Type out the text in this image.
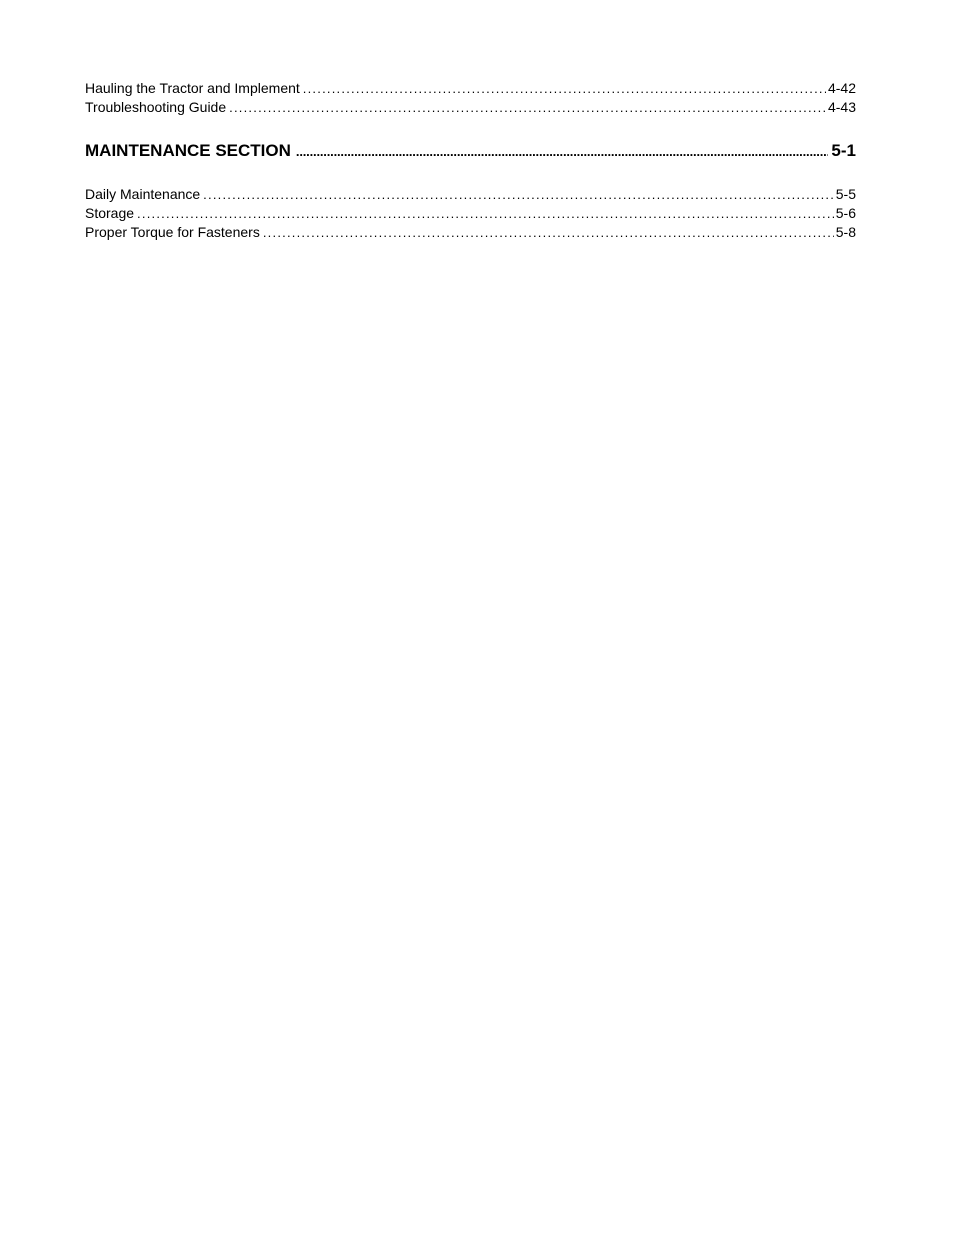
Hauling the Tractor and Implement . . .	4-42
Troubleshooting Guide . . .	4-43
MAINTENANCE SECTION . . .	5-1
Daily Maintenance . . .	5-5
Storage . . .	5-6
Proper Torque for Fasteners . . .	5-8
